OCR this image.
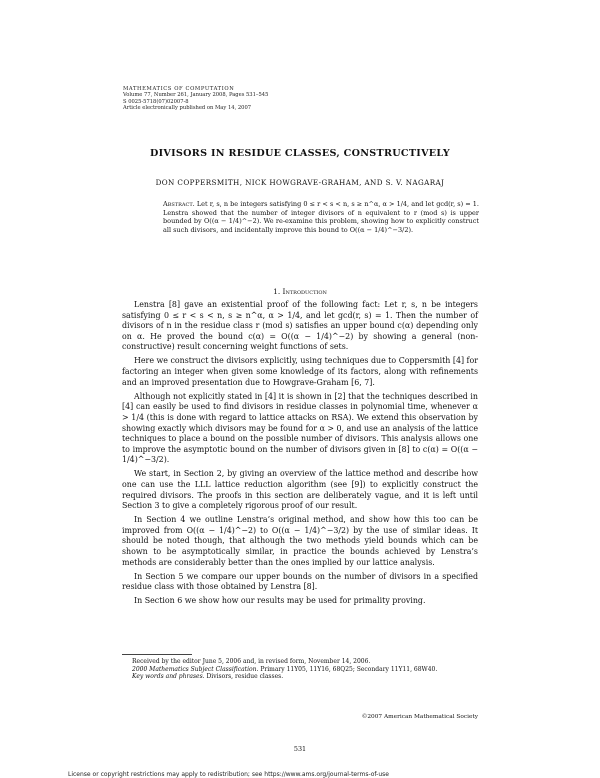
MATHEMATICS OF COMPUTATION
Volume 77, Number 261, January 2008, Pages 531–545
S 0025-5718(07)02007-8
Article electronically published on May 14, 2007
DIVISORS IN RESIDUE CLASSES, CONSTRUCTIVELY
DON COPPERSMITH, NICK HOWGRAVE-GRAHAM, AND S. V. NAGARAJ
Abstract. Let r, s, n be integers satisfying 0 ≤ r < s < n, s ≥ n^α, α > 1/4, and let gcd(r, s) = 1. Lenstra showed that the number of integer divisors of n equivalent to r (mod s) is upper bounded by O((α − 1/4)^−2). We re-examine this problem, showing how to explicitly construct all such divisors, and incidentally improve this bound to O((α − 1/4)^−3/2).
1. Introduction

Lenstra [8] gave an existential proof of the following fact: Let r, s, n be integers satisfying 0 ≤ r < s < n, s ≥ n^α, α > 1/4, and let gcd(r, s) = 1. Then the number of divisors of n in the residue class r (mod s) satisfies an upper bound c(α) depending only on α. He proved the bound c(α) = O((α − 1/4)^−2) by showing a general (non-constructive) result concerning weight functions of sets.

Here we construct the divisors explicitly, using techniques due to Coppersmith [4] for factoring an integer when given some knowledge of its factors, along with refinements and an improved presentation due to Howgrave-Graham [6, 7].

Although not explicitly stated in [4] it is shown in [2] that the techniques described in [4] can easily be used to find divisors in residue classes in polynomial time, whenever α > 1/4 (this is done with regard to lattice attacks on RSA). We extend this observation by showing exactly which divisors may be found for α > 0, and use an analysis of the lattice techniques to place a bound on the possible number of divisors. This analysis allows one to improve the asymptotic bound on the number of divisors given in [8] to c(α) = O((α − 1/4)^−3/2).

We start, in Section 2, by giving an overview of the lattice method and describe how one can use the LLL lattice reduction algorithm (see [9]) to explicitly construct the required divisors. The proofs in this section are deliberately vague, and it is left until Section 3 to give a completely rigorous proof of our result.

In Section 4 we outline Lenstra’s original method, and show how this too can be improved from O((α − 1/4)^−2) to O((α − 1/4)^−3/2) by the use of similar ideas. It should be noted though, that although the two methods yield bounds which can be shown to be asymptotically similar, in practice the bounds achieved by Lenstra’s methods are considerably better than the ones implied by our lattice analysis.

In Section 5 we compare our upper bounds on the number of divisors in a specified residue class with those obtained by Lenstra [8].

In Section 6 we show how our results may be used for primality proving.

Received by the editor June 5, 2006 and, in revised form, November 14, 2006.

2000 Mathematics Subject Classification. Primary 11Y05, 11Y16, 68Q25; Secondary 11Y11, 68W40.

Key words and phrases. Divisors, residue classes.

©2007 American Mathematical Society
531
License or copyright restrictions may apply to redistribution; see https://www.ams.org/journal-terms-of-use
